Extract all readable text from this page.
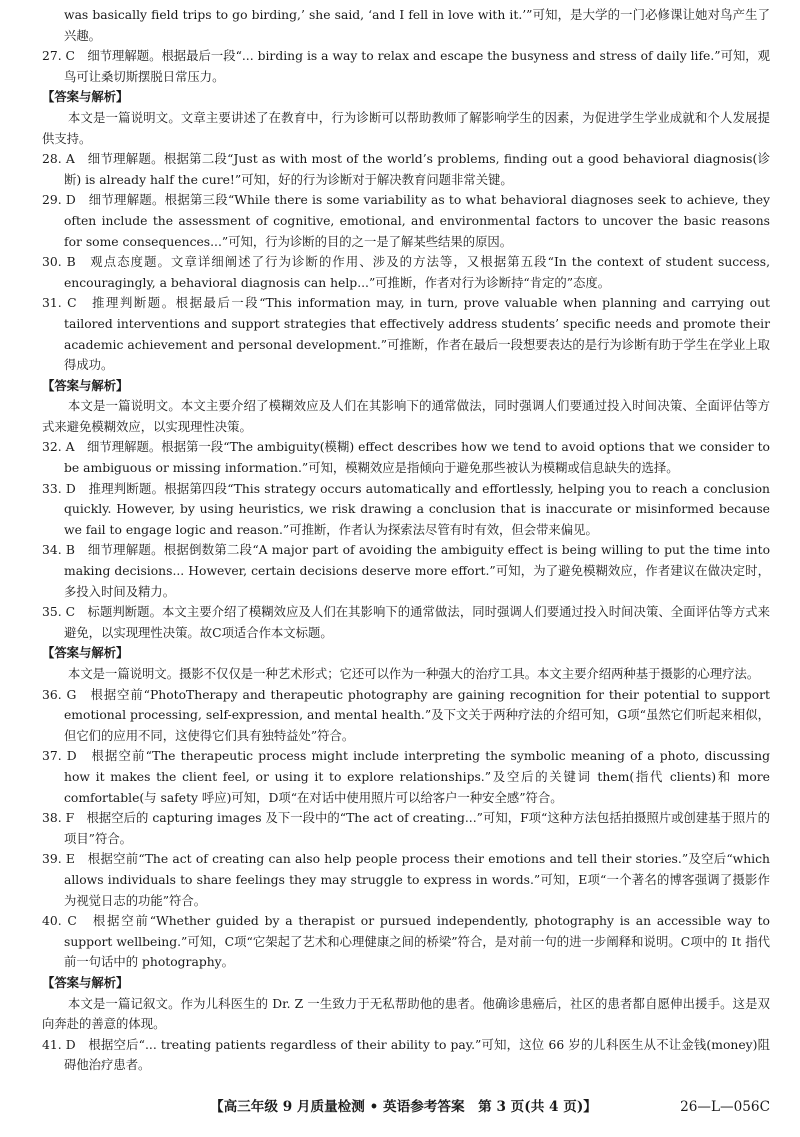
was basically field trips to go birding,’ she said, ‘and I fell in love with it.’”可知，是大学的一门必修课让她对鸟产生了兴趣。

27. C　细节理解题。根据最后一段“... birding is a way to relax and escape the busyness and stress of daily life.”可知，观鸟可让桑切斯摆脱日常压力。

【答案与解析】

本文是一篇说明文。文章主要讲述了在教育中，行为诊断可以帮助教师了解影响学生的因素，为促进学生学业成就和个人发展提供支持。

28. A　细节理解题。根据第二段“Just as with most of the world’s problems, finding out a good behavioral diagnosis(诊断) is already half the cure!”可知，好的行为诊断对于解决教育问题非常关键。

29. D　细节理解题。根据第三段“While there is some variability as to what behavioral diagnoses seek to achieve, they often include the assessment of cognitive, emotional, and environmental factors to uncover the basic reasons for some consequences...”可知，行为诊断的目的之一是了解某些结果的原因。

30. B　观点态度题。文章详细阐述了行为诊断的作用、涉及的方法等，又根据第五段“In the context of student success, encouragingly, a behavioral diagnosis can help...”可推断，作者对行为诊断持“肯定的”态度。

31. C　推理判断题。根据最后一段“This information may, in turn, prove valuable when planning and carrying out tailored interventions and support strategies that effectively address students’ specific needs and promote their academic achievement and personal development.”可推断，作者在最后一段想要表达的是行为诊断有助于学生在学业上取得成功。

【答案与解析】

本文是一篇说明文。本文主要介绍了模糊效应及人们在其影响下的通常做法，同时强调人们要通过投入时间决策、全面评估等方式来避免模糊效应，以实现理性决策。

32. A　细节理解题。根据第一段“The ambiguity(模糊) effect describes how we tend to avoid options that we consider to be ambiguous or missing information.”可知，模糊效应是指倾向于避免那些被认为模糊或信息缺失的选择。

33. D　推理判断题。根据第四段“This strategy occurs automatically and effortlessly, helping you to reach a conclusion quickly. However, by using heuristics, we risk drawing a conclusion that is inaccurate or misinformed because we fail to engage logic and reason.”可推断，作者认为探索法尽管有时有效，但会带来偏见。

34. B　细节理解题。根据倒数第二段“A major part of avoiding the ambiguity effect is being willing to put the time into making decisions... However, certain decisions deserve more effort.”可知，为了避免模糊效应，作者建议在做决定时，多投入时间及精力。

35. C　标题判断题。本文主要介绍了模糊效应及人们在其影响下的通常做法，同时强调人们要通过投入时间决策、全面评估等方式来避免，以实现理性决策。故C项适合作本文标题。

【答案与解析】

本文是一篇说明文。摄影不仅仅是一种艺术形式；它还可以作为一种强大的治疗工具。本文主要介绍两种基于摄影的心理疗法。

36. G　根据空前“PhotoTherapy and therapeutic photography are gaining recognition for their potential to support emotional processing, self-expression, and mental health.”及下文关于两种疗法的介绍可知，G项“虽然它们听起来相似，但它们的应用不同，这使得它们具有独特益处”符合。

37. D　根据空前“The therapeutic process might include interpreting the symbolic meaning of a photo, discussing how it makes the client feel, or using it to explore relationships.”及空后的关键词 them(指代 clients)和 more comfortable(与 safety 呼应)可知，D项“在对话中使用照片可以给客户一种安全感”符合。

38. F　根据空后的 capturing images 及下一段中的“The act of creating...”可知，F项“这种方法包括拍摄照片或创建基于照片的项目”符合。

39. E　根据空前“The act of creating can also help people process their emotions and tell their stories.”及空后“which allows individuals to share feelings they may struggle to express in words.”可知，E项“一个著名的博客强调了摄影作为视觉日志的功能”符合。

40. C　根据空前“Whether guided by a therapist or pursued independently, photography is an accessible way to support wellbeing.”可知，C项“它架起了艺术和心理健康之间的桥梁”符合，是对前一句的进一步阐释和说明。C项中的 It 指代前一句话中的 photography。

【答案与解析】

本文是一篇记叙文。作为儿科医生的 Dr. Z 一生致力于无私帮助他的患者。他确诊患癌后，社区的患者都自愿伸出援手。这是双向奔赴的善意的体现。

41. D　根据空后“... treating patients regardless of their ability to pay.”可知，这位 66 岁的儿科医生从不让金钱(money)阻碍他治疗患者。

【高三年级 9 月质量检测 • 英语参考答案　第 3 页(共 4 页)】	26—L—056C
